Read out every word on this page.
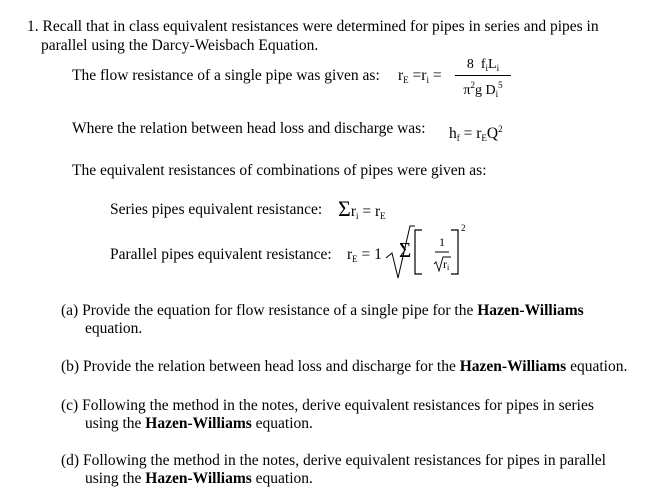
1. Recall that in class equivalent resistances were determined for pipes in series and pipes in
parallel using the Darcy-Weisbach Equation.
The flow resistance of a single pipe was given as: $r_E =r_i$ =
8 $f_iL_i$
$\pi^2g$ $D_i^5$
Where the relation between head loss and discharge was: $h_f = r_EQ^2$
The equivalent resistances of combinations of pipes were given as:
Series pipes equivalent resistance: $\Sigma r_i = r_E$
Parallel pipes equivalent resistance: $r_E = 1$ Σ 1
ri
2
(a) Provide the equation for flow resistance of a single pipe for the Hazen-Williams
equation.
(b) Provide the relation between head loss and discharge for the Hazen-Williams equation.
(c) Following the method in the notes, derive equivalent resistances for pipes in series
using the Hazen-Williams equation.
(d) Following the method in the notes, derive equivalent resistances for pipes in parallel
using the Hazen-Williams equation.
